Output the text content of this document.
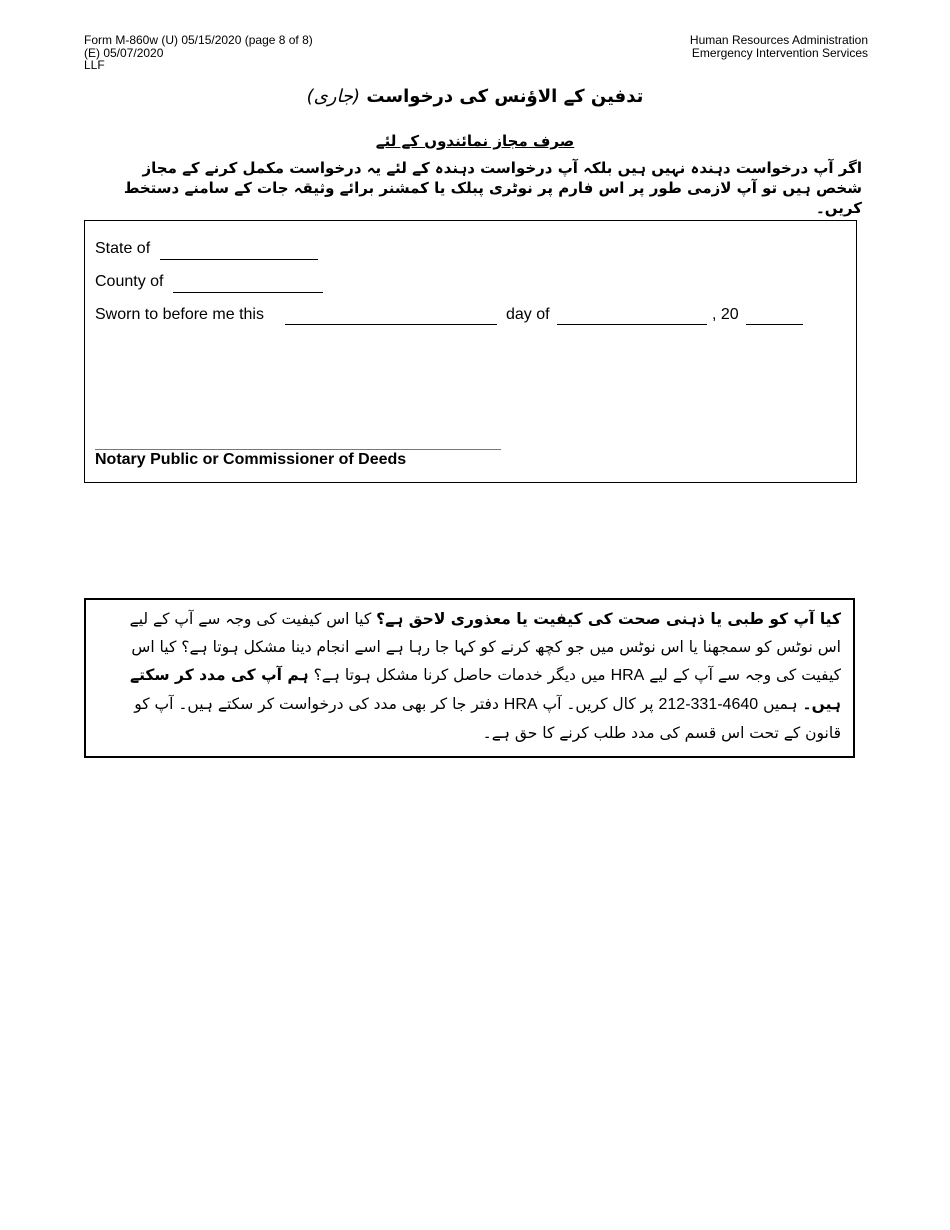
Form M-860w (U) 05/15/2020 (page 8 of 8)
(E) 05/07/2020
LLF
Human Resources Administration
Emergency Intervention Services
تدفین کے الاؤنس کی درخواست (جاری)
صرف مجاز نمائندوں کے لئے
اگر آپ درخواست دہندہ نہیں ہیں بلکہ آپ درخواست دہندہ کے لئے یہ درخواست مکمل کرنے کے مجاز شخص ہیں تو آپ لازمی طور پر اس فارم پر نوٹری پبلک یا کمشنر برائے وثیقہ جات کے سامنے دستخط کریں۔
State of
County of
Sworn to before me this	day of	, 20
Notary Public or Commissioner of Deeds
کیا آپ کو طبی یا ذہنی صحت کی کیفیت یا معذوری لاحق ہے؟ کیا اس کیفیت کی وجہ سے آپ کے لیے اس نوٹس کو سمجھنا یا اس نوٹس میں جو کچھ کرنے کو کہا جا رہا ہے اسے انجام دینا مشکل ہوتا ہے؟ کیا اس کیفیت کی وجہ سے آپ کے لیے HRA میں دیگر خدمات حاصل کرنا مشکل ہوتا ہے؟ ہم آپ کی مدد کر سکتے ہیں۔ ہمیں 212-331-4640 پر کال کریں۔ آپ HRA دفتر جا کر بھی مدد کی درخواست کر سکتے ہیں۔ آپ کو قانون کے تحت اس قسم کی مدد طلب کرنے کا حق ہے۔
